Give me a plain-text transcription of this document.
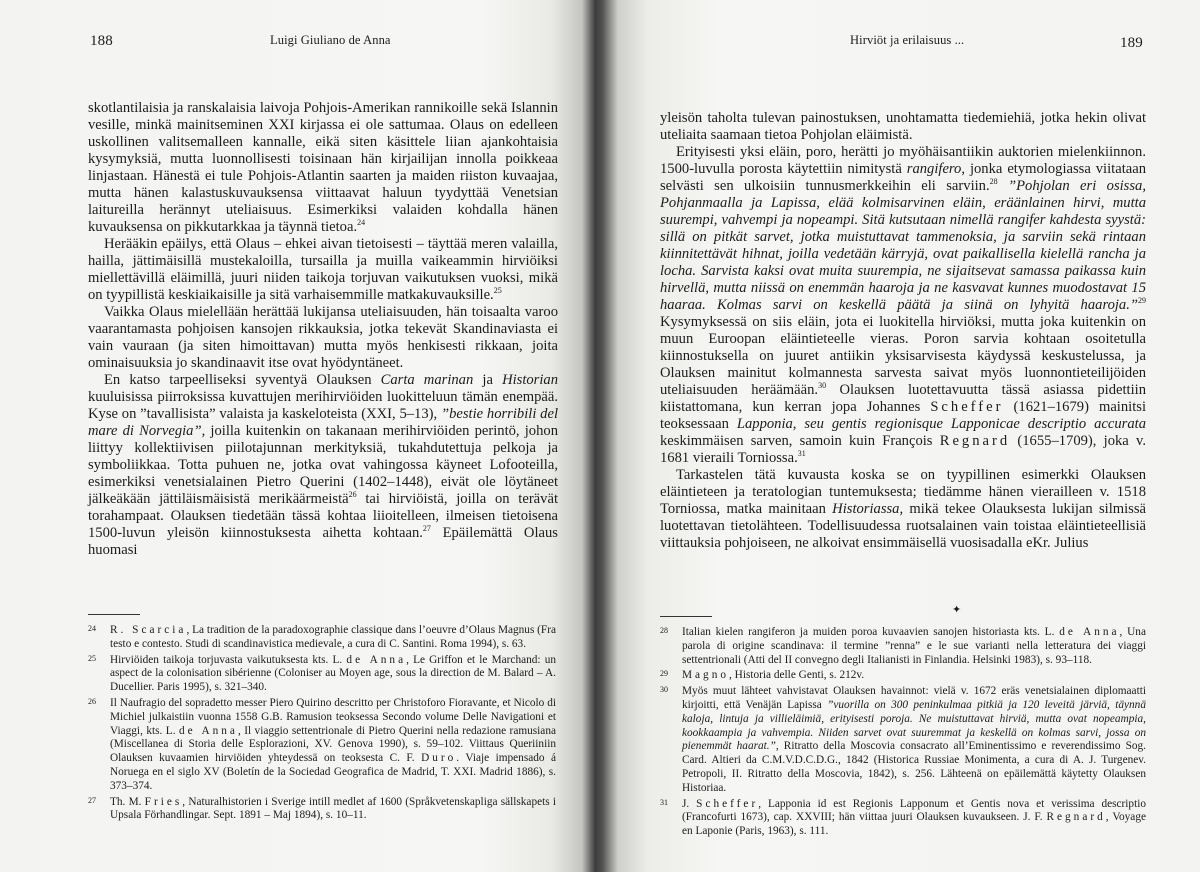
188	Luigi Giuliano de Anna

skotlantilaisia ja ranskalaisia laivoja Pohjois-Amerikan rannikoille sekä Islannin vesille, minkä mainitseminen XXI kirjassa ei ole sattumaa. Olaus on edelleen uskollinen valitsemalleen kannalle, eikä siten käsittele liian ajankohtaisia kysymyksiä, mutta luonnollisesti toisinaan hän kirjailijan innolla poikkeaa linjastaan. Hänestä ei tule Pohjois-Atlantin saarten ja maiden riiston kuvaajaa, mutta hänen kalastuskuvauksensa viittaavat haluun tyydyttää Venetsian laitureilla herännyt uteliaisuus. Esimerkiksi valaiden kohdalla hänen kuvauksensa on pikkutarkkaa ja täynnä tietoa.$^{24}$

Herääkin epäilys, että Olaus – ehkei aivan tietoisesti – täyttää meren valailla, hailla, jättimäisillä mustekaloilla, tursailla ja muilla vaikeammin hirviöiksi miellettävillä eläimillä, juuri niiden taikoja torjuvan vaikutuksen vuoksi, mikä on tyypillistä keskiaikaisille ja sitä varhaisemmille matkakuvauksille.$^{25}$

Vaikka Olaus mielellään herättää lukijansa uteliaisuuden, hän toisaalta varoo vaarantamasta pohjoisen kansojen rikkauksia, jotka tekevät Skandinaviasta ei vain vauraan (ja siten himoittavan) mutta myös henkisesti rikkaan, joita ominaisuuksia jo skandinaavit itse ovat hyödyntäneet.

En katso tarpeelliseksi syventyä Olauksen Carta marinan ja Historian kuuluisissa piirroksissa kuvattujen merihirviöiden luokitteluun tämän enempää. Kyse on ”tavallisista” valaista ja kaskeloteista (XXI, 5–13), ”bestie horribili del mare di Norvegia”, joilla kuitenkin on takanaan merihirviöiden perintö, johon liittyy kollektiivisen piilotajunnan merkityksiä, tukahdutettuja pelkoja ja symboliikkaa. Totta puhuen ne, jotka ovat vahingossa käyneet Lofooteilla, esimerkiksi venetsialainen Pietro Querini (1402–1448), eivät ole löytäneet jälkeäkään jättiläismäisistä merikäärmeistä$^{26}$ tai hirviöistä, joilla on terävät torahampaat. Olauksen tiedetään tässä kohtaa liioitelleen, ilmeisen tietoisena 1500-luvun yleisön kiinnostuksesta aihetta kohtaan.$^{27}$ Epäilemättä Olaus huomasi

24 R. Scarcia, La tradition de la paradoxographie classique dans l’oeuvre d’Olaus Magnus (Fra testo e contesto. Studi di scandinavistica medievale, a cura di C. Santini. Roma 1994), s. 63.
25 Hirviöiden taikoja torjuvasta vaikutuksesta kts. L. de Anna, Le Griffon et le Marchand: un aspect de la colonisation sibérienne (Coloniser au Moyen age, sous la direction de M. Balard – A. Ducellier. Paris 1995), s. 321–340.
26 Il Naufragio del sopradetto messer Piero Quirino descritto per Christoforo Fioravante, et Nicolo di Michiel julkaistiin vuonna 1558 G.B. Ramusion teoksessa Secondo volume Delle Navigationi et Viaggi, kts. L. de Anna, Il viaggio settentrionale di Pietro Querini nella redazione ramusiana (Miscellanea di Storia delle Esplorazioni, XV. Genova 1990), s. 59–102. Viittaus Queriiniin Olauksen kuvaamien hirviöiden yhteydessä on teoksesta C. F. Duro. Viaje impensado á Noruega en el siglo XV (Boletín de la Sociedad Geografica de Madrid, T. XXI. Madrid 1886), s. 373–374.
27 Th. M. Fries, Naturalhistorien i Sverige intill medlet af 1600 (Språkvetenskapliga sällskapets i Upsala Förhandlingar. Sept. 1891 – Maj 1894), s. 10–11.
Hirviöt ja erilaisuus ...	189

yleisön taholta tulevan painostuksen, unohtamatta tiedemiehiä, jotka hekin olivat uteliaita saamaan tietoa Pohjolan eläimistä.

Erityisesti yksi eläin, poro, herätti jo myöhäisantiikin auktorien mielenkiinnon. 1500-luvulla porosta käytettiin nimitystä rangifero, jonka etymologiassa viitataan selvästi sen ulkoisiin tunnusmerkkeihin eli sarviin.$^{28}$ ”Pohjolan eri osissa, Pohjanmaalla ja Lapissa, elää kolmisarvinen eläin, eräänlainen hirvi, mutta suurempi, vahvempi ja nopeampi. Sitä kutsutaan nimellä rangifer kahdesta syystä: sillä on pitkät sarvet, jotka muistuttavat tammenoksia, ja sarviin sekä rintaan kiinnitettävät hihnat, joilla vedetään kärryjä, ovat paikallisella kielellä rancha ja locha. Sarvista kaksi ovat muita suurempia, ne sijaitsevat samassa paikassa kuin hirvellä, mutta niissä on enemmän haaroja ja ne kasvavat kunnes muodostavat 15 haaraa. Kolmas sarvi on keskellä päätä ja siinä on lyhyitä haaroja.”$^{29}$ Kysymyksessä on siis eläin, jota ei luokitella hirviöksi, mutta joka kuitenkin on muun Euroopan eläintieteelle vieras. Poron sarvia kohtaan osoitetulla kiinnostuksella on juuret antiikin yksisarvisesta käydyssä keskustelussa, ja Olauksen mainitut kolmannesta sarvesta saivat myös luonnontieteilijöiden uteliaisuuden heräämään.$^{30}$ Olauksen luotettavuutta tässä asiassa pidettiin kiistattomana, kun kerran jopa Johannes Scheffer (1621–1679) mainitsi teoksessaan Lapponia, seu gentis regionisque Lapponicae descriptio accurata keskimmäisen sarven, samoin kuin François Regnard (1655–1709), joka v. 1681 vieraili Torniossa.$^{31}$

Tarkastelen tätä kuvausta koska se on tyypillinen esimerkki Olauksen eläintieteen ja teratologian tuntemuksesta; tiedämme hänen vierailleen v. 1518 Torniossa, matka mainitaan Historiassa, mikä tekee Olauksesta lukijan silmissä luotettavan tietolähteen. Todellisuudessa ruotsalainen vain toistaa eläintieteellisiä viittauksia pohjoiseen, ne alkoivat ensimmäisellä vuosisadalla eKr. Julius

✦
28 Italian kielen rangiferon ja muiden poroa kuvaavien sanojen historiasta kts. L. de Anna, Una parola di origine scandinava: il termine ”renna” e le sue varianti nella letteratura dei viaggi settentrionali (Atti del II convegno degli Italianisti in Finlandia. Helsinki 1983), s. 93–118.
29 Magno, Historia delle Genti, s. 212v.
30 Myös muut lähteet vahvistavat Olauksen havainnot: vielä v. 1672 eräs venetsialainen diplomaatti kirjoitti, että Venäjän Lapissa ”vuorilla on 300 peninkulmaa pitkiä ja 120 leveitä järviä, täynnä kaloja, lintuja ja villieläimiä, erityisesti poroja. Ne muistuttavat hirviä, mutta ovat nopeampia, kookkaampia ja vahvempia. Niiden sarvet ovat suuremmat ja keskellä on kolmas sarvi, jossa on pienemmät haarat.”, Ritratto della Moscovia consacrato all’Eminentissimo e reverendissimo Sog. Card. Altieri da C.M.V.D.C.D.G., 1842 (Historica Russiae Monimenta, a cura di A. J. Turgenev. Petropoli, II. Ritratto della Moscovia, 1842), s. 256. Lähteenä on epäilemättä käytetty Olauksen Historiaa.
31 J. Scheffer, Lapponia id est Regionis Lapponum et Gentis nova et verissima descriptio (Francofurti 1673), cap. XXVIII; hän viittaa juuri Olauksen kuvaukseen. J. F. Regnard, Voyage en Laponie (Paris, 1963), s. 111.
